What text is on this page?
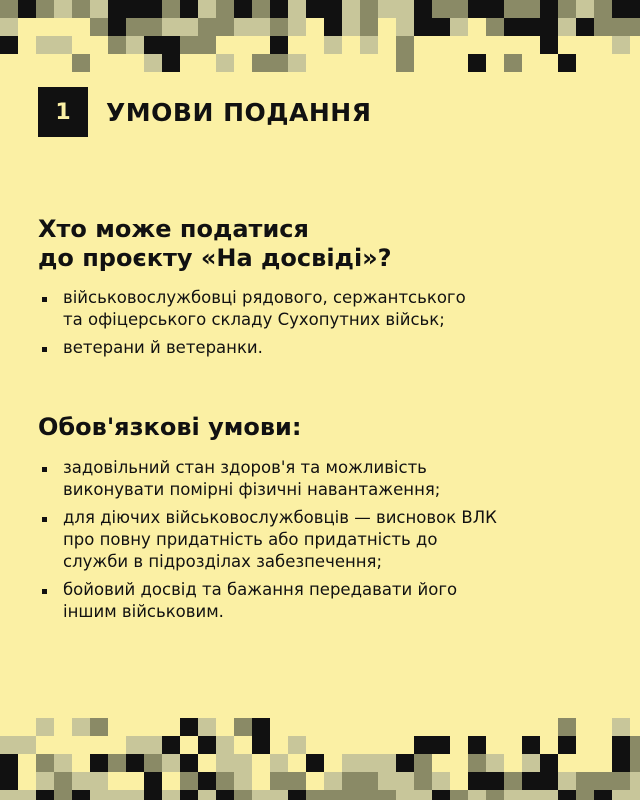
1	УМОВИ ПОДАННЯ
Хто може податися
до проєкту «На досвіді»?
військовослужбовці рядового, сержантського
та офіцерського складу Сухопутних військ;
ветерани й ветеранки.
Обов'язкові умови:
задовільний стан здоров'я та можливість
виконувати помірні фізичні навантаження;
для діючих військовослужбовців — висновок ВЛК
про повну придатність або придатність до
служби в підрозділах забезпечення;
бойовий досвід та бажання передавати його
іншим військовим.
